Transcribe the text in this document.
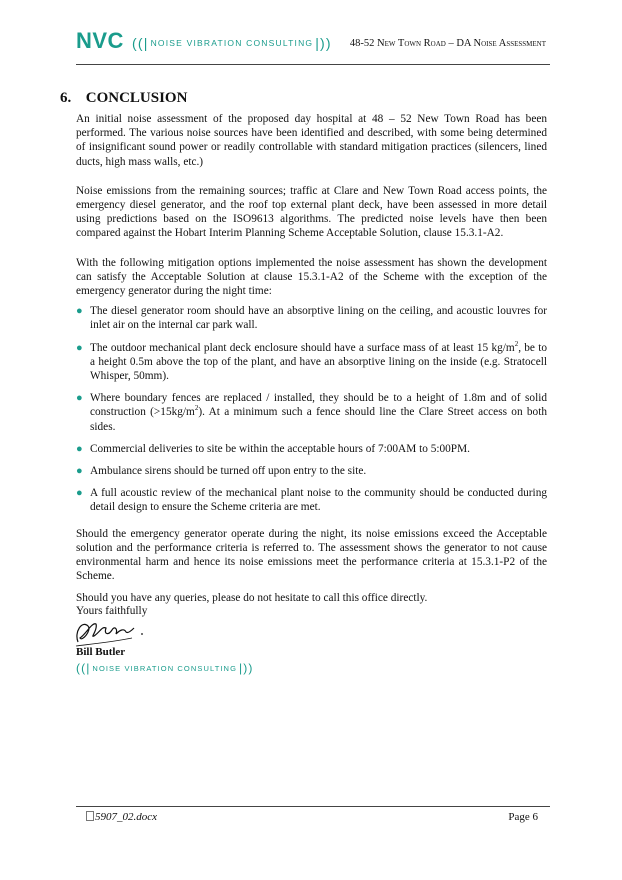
NVC ((| NOISE VIBRATION CONSULTING |)) 48-52 New Town Road – DA Noise Assessment
6. CONCLUSION

An initial noise assessment of the proposed day hospital at 48 – 52 New Town Road has been performed. The various noise sources have been identified and described, with some being determined of insignificant sound power or readily controllable with standard mitigation practices (silencers, lined ducts, high mass walls, etc.)

Noise emissions from the remaining sources; traffic at Clare and New Town Road access points, the emergency diesel generator, and the roof top external plant deck, have been assessed in more detail using predictions based on the ISO9613 algorithms. The predicted noise levels have then been compared against the Hobart Interim Planning Scheme Acceptable Solution, clause 15.3.1-A2.

With the following mitigation options implemented the noise assessment has shown the development can satisfy the Acceptable Solution at clause 15.3.1-A2 of the Scheme with the exception of the emergency generator during the night time:

● The diesel generator room should have an absorptive lining on the ceiling, and acoustic louvres for inlet air on the internal car park wall.
● The outdoor mechanical plant deck enclosure should have a surface mass of at least 15 $kg/m^2$, be to a height 0.5m above the top of the plant, and have an absorptive lining on the inside (e.g. Stratocell Whisper, 50mm).
● Where boundary fences are replaced / installed, they should be to a height of 1.8m and of solid construction $(>15kg/m^2)$. At a minimum such a fence should line the Clare Street access on both sides.
● Commercial deliveries to site be within the acceptable hours of 7:00AM to 5:00PM.
● Ambulance sirens should be turned off upon entry to the site.
● A full acoustic review of the mechanical plant noise to the community should be conducted during detail design to ensure the Scheme criteria are met.

Should the emergency generator operate during the night, its noise emissions exceed the Acceptable solution and the performance criteria is referred to. The assessment shows the generator to not cause environmental harm and hence its noise emissions meet the performance criteria at 15.3.1-P2 of the Scheme.

Should you have any queries, please do not hesitate to call this office directly.
Yours faithfully
Bill Butler
((| NOISE VIBRATION CONSULTING |))
5907_02.docx	Page 6
